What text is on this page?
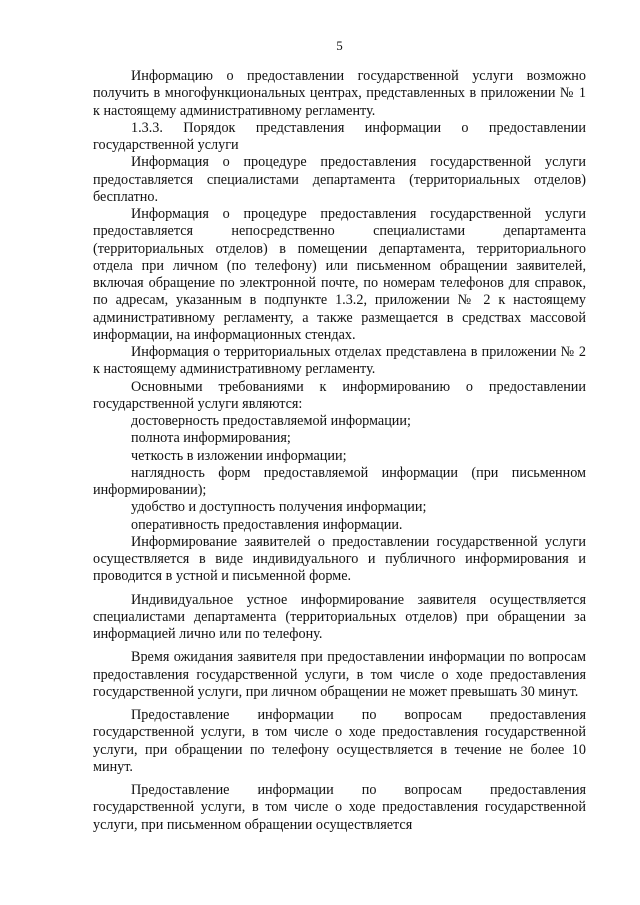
5

Информацию о предоставлении государственной услуги возможно получить в многофункциональных центрах, представленных в приложении № 1 к настоящему административному регламенту.

1.3.3. Порядок представления информации о предоставлении государственной услуги

Информация о процедуре предоставления государственной услуги предоставляется специалистами департамента (территориальных отделов) бесплатно.

Информация о процедуре предоставления государственной услуги предоставляется непосредственно специалистами департамента (территориальных отделов) в помещении департамента, территориального отдела при личном (по телефону) или письменном обращении заявителей, включая обращение по электронной почте, по номерам телефонов для справок, по адресам, указанным в подпункте 1.3.2, приложении № 2 к настоящему административному регламенту, а также размещается в средствах массовой информации, на информационных стендах.

Информация о территориальных отделах представлена в приложении № 2 к настоящему административному регламенту.

Основными требованиями к информированию о предоставлении государственной услуги являются:

достоверность предоставляемой информации;

полнота информирования;

четкость в изложении информации;

наглядность форм предоставляемой информации (при письменном информировании);

удобство и доступность получения информации;

оперативность предоставления информации.

Информирование заявителей о предоставлении государственной услуги осуществляется в виде индивидуального и публичного информирования и проводится в устной и письменной форме.

Индивидуальное устное информирование заявителя осуществляется специалистами департамента (территориальных отделов) при обращении за информацией лично или по телефону.

Время ожидания заявителя при предоставлении информации по вопросам предоставления государственной услуги, в том числе о ходе предоставления государственной услуги, при личном обращении не может превышать 30 минут.

Предоставление информации по вопросам предоставления государственной услуги, в том числе о ходе предоставления государственной услуги, при обращении по телефону осуществляется в течение не более 10 минут.

Предоставление информации по вопросам предоставления государственной услуги, в том числе о ходе предоставления государственной услуги, при письменном обращении осуществляется
